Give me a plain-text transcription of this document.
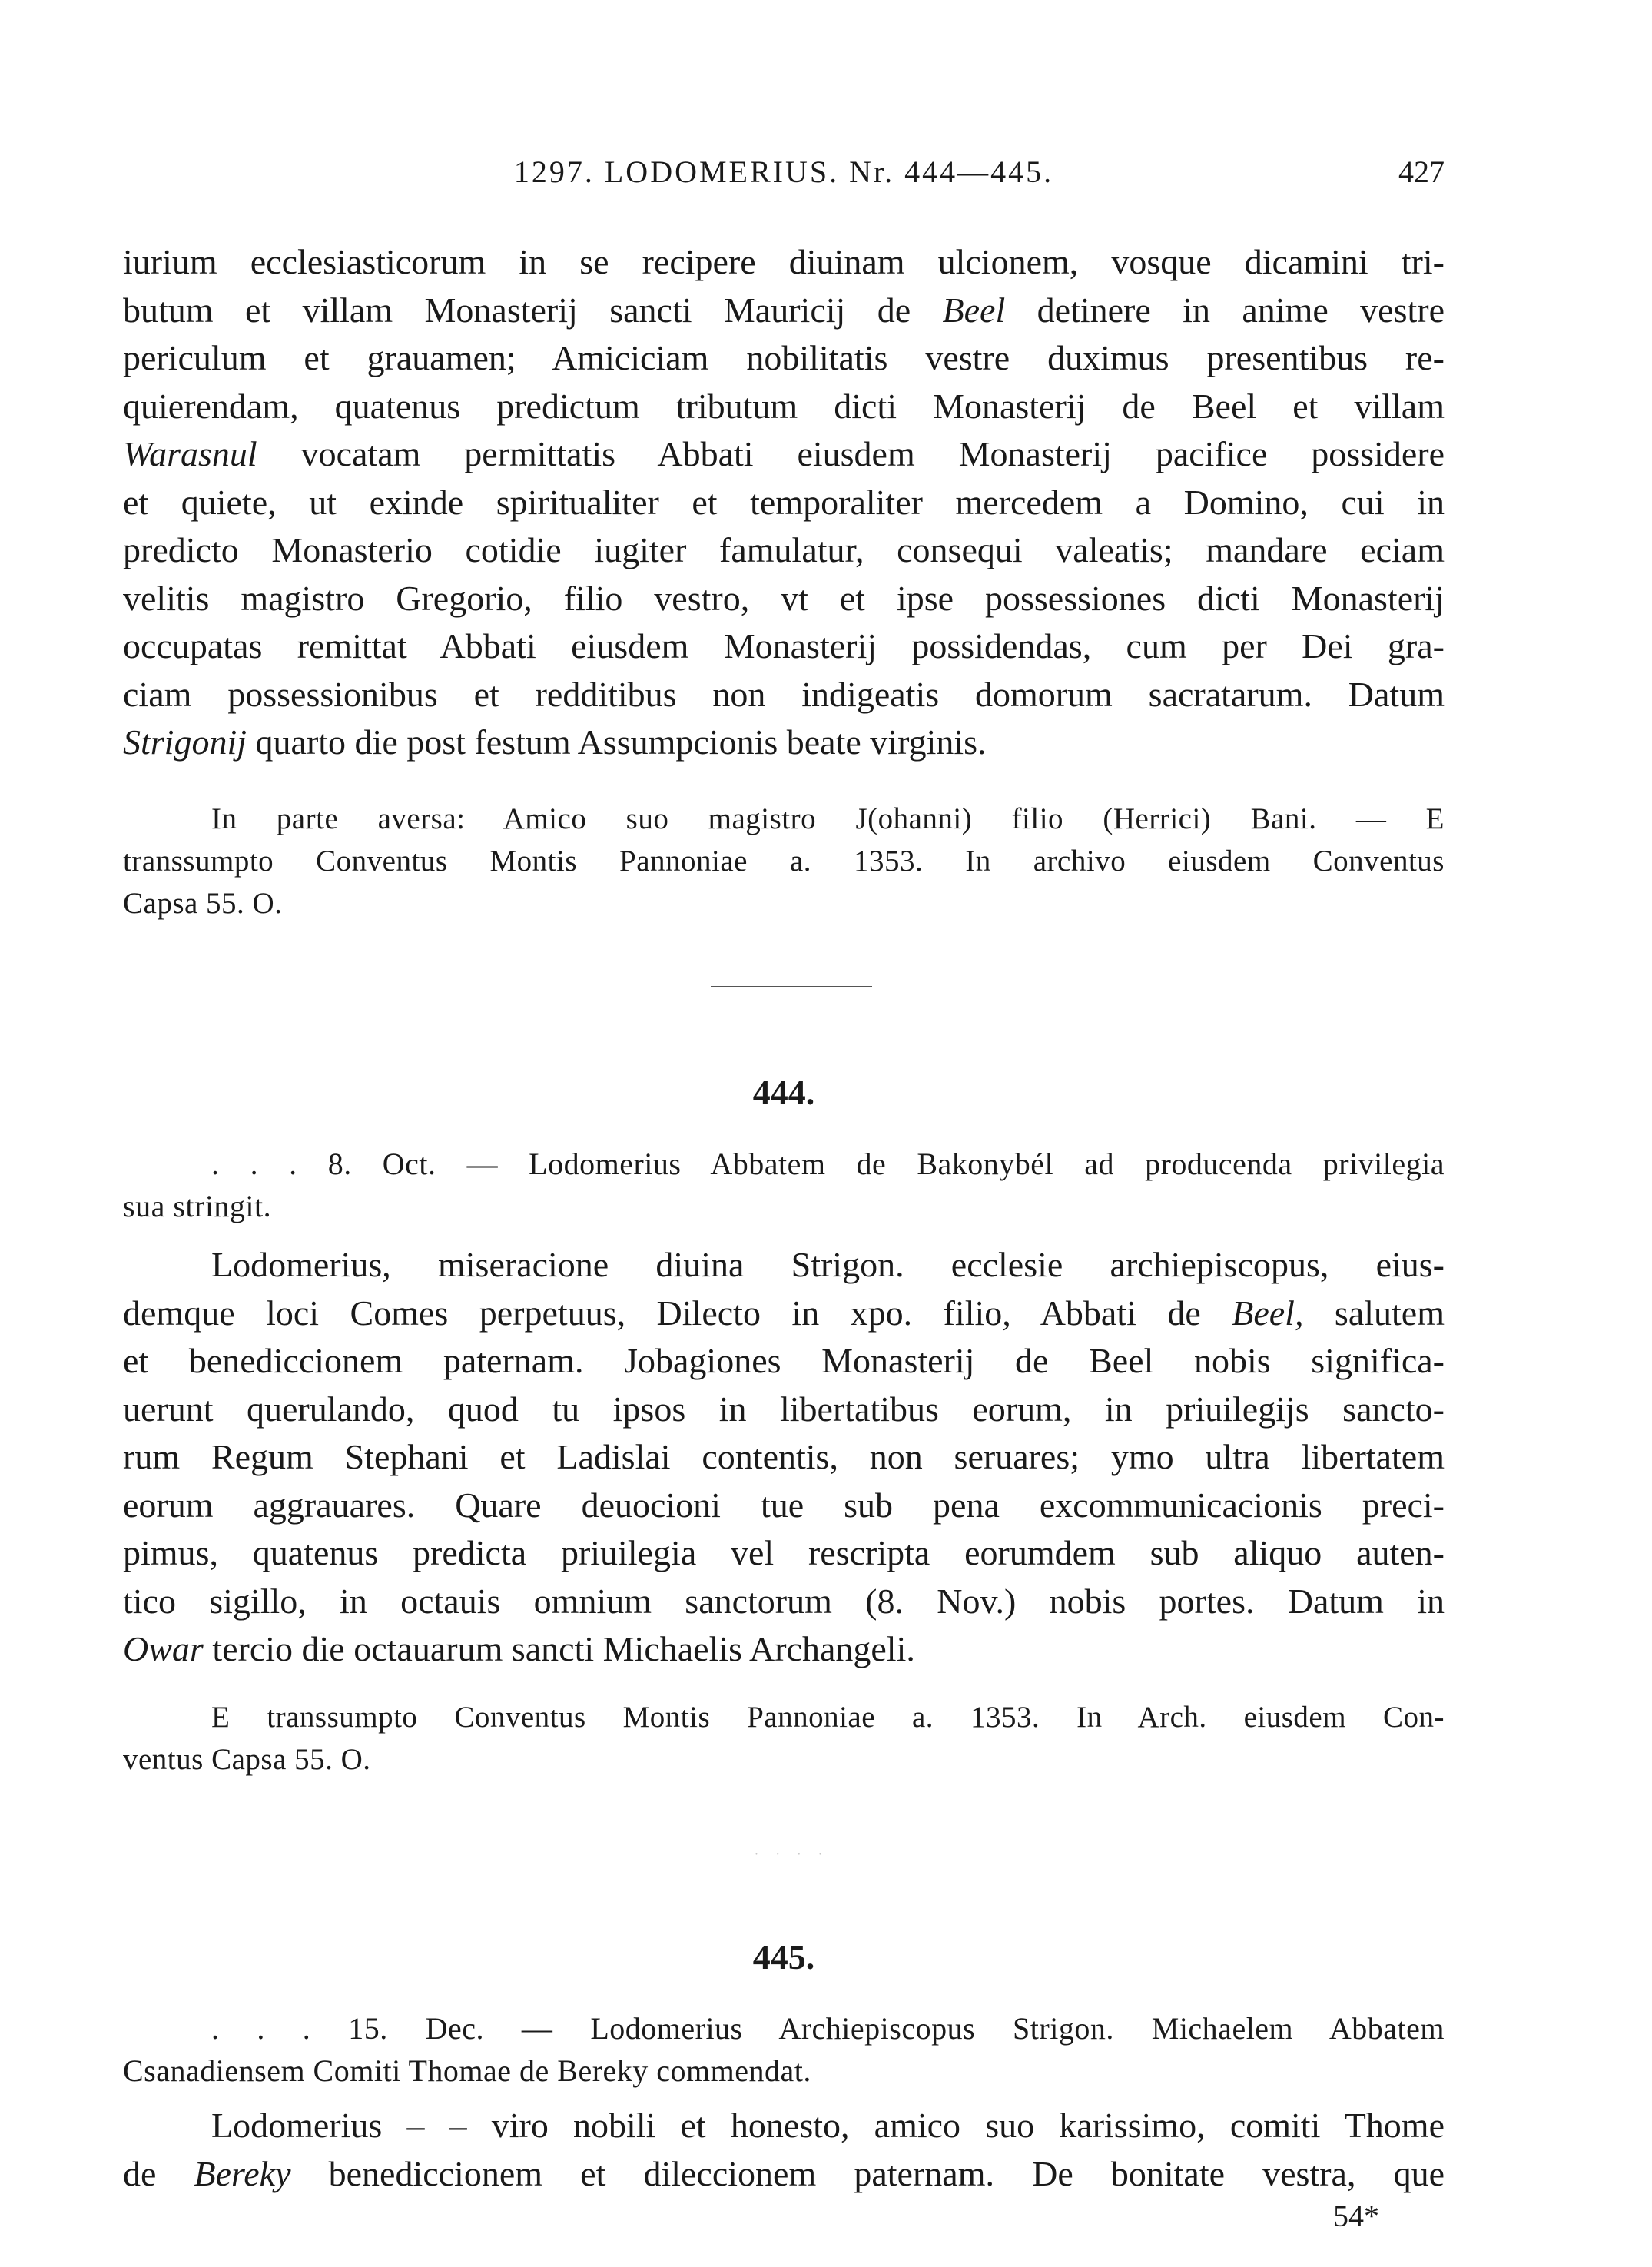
1297. LODOMERIUS. Nr. 444—445.	427
iurium ecclesiasticorum in se recipere diuinam ulcionem, vosque dicamini tri-
butum et villam Monasterij sancti Mauricij de Beel detinere in anime vestre
periculum et grauamen; Amiciciam nobilitatis vestre duximus presentibus re-
quierendam, quatenus predictum tributum dicti Monasterij de Beel et villam
Warasnul vocatam permittatis Abbati eiusdem Monasterij pacifice possidere
et quiete, ut exinde spiritualiter et temporaliter mercedem a Domino, cui in
predicto Monasterio cotidie iugiter famulatur, consequi valeatis; mandare eciam
velitis magistro Gregorio, filio vestro, vt et ipse possessiones dicti Monasterij
occupatas remittat Abbati eiusdem Monasterij possidendas, cum per Dei gra-
ciam possessionibus et redditibus non indigeatis domorum sacratarum. Datum
Strigonij quarto die post festum Assumpcionis beate virginis.
In parte aversa: Amico suo magistro J(ohanni) filio (Herrici) Bani. — E
transsumpto Conventus Montis Pannoniae a. 1353. In archivo eiusdem Conventus
Capsa 55. O.
444.
. . . 8. Oct. — Lodomerius Abbatem de Bakonybél ad producenda privilegia
sua stringit.
Lodomerius, miseracione diuina Strigon. ecclesie archiepiscopus, eius-
demque loci Comes perpetuus, Dilecto in xpo. filio, Abbati de Beel, salutem
et benediccionem paternam. Jobagiones Monasterij de Beel nobis significa-
uerunt querulando, quod tu ipsos in libertatibus eorum, in priuilegijs sancto-
rum Regum Stephani et Ladislai contentis, non seruares; ymo ultra libertatem
eorum aggrauares. Quare deuocioni tue sub pena excommunicacionis preci-
pimus, quatenus predicta priuilegia vel rescripta eorumdem sub aliquo auten-
tico sigillo, in octauis omnium sanctorum (8. Nov.) nobis portes. Datum in
Owar tercio die octauarum sancti Michaelis Archangeli.
E transsumpto Conventus Montis Pannoniae a. 1353. In Arch. eiusdem Con-
ventus Capsa 55. O.
· · · ·
445.
. . . 15. Dec. — Lodomerius Archiepiscopus Strigon. Michaelem Abbatem
Csanadiensem Comiti Thomae de Bereky commendat.
Lodomerius – – viro nobili et honesto, amico suo karissimo, comiti Thome
de Bereky benediccionem et dileccionem paternam. De bonitate vestra, que
54*
